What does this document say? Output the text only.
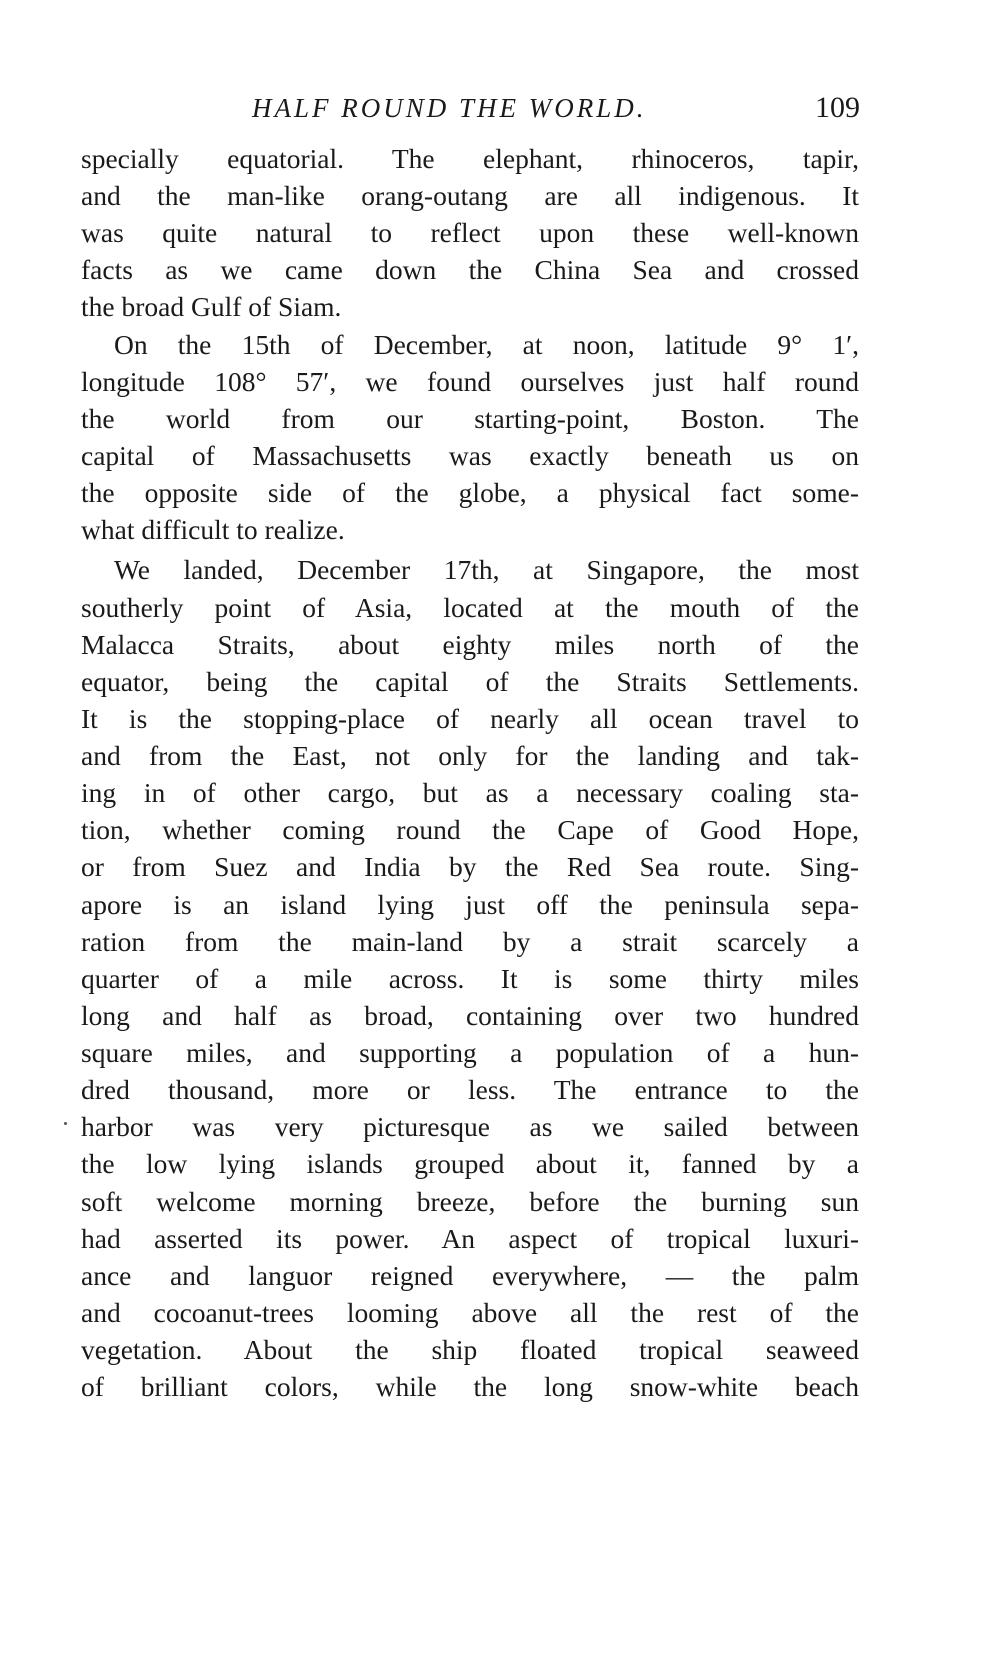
HALF ROUND THE WORLD.	109
specially equatorial. The elephant, rhinoceros, tapir,
and the man-like orang-outang are all indigenous. It
was quite natural to reflect upon these well-known
facts as we came down the China Sea and crossed
the broad Gulf of Siam.
On the 15th of December, at noon, latitude 9° 1′,
longitude 108° 57′, we found ourselves just half round
the world from our starting-point, Boston. The
capital of Massachusetts was exactly beneath us on
the opposite side of the globe, a physical fact some-
what difficult to realize.
We landed, December 17th, at Singapore, the most
southerly point of Asia, located at the mouth of the
Malacca Straits, about eighty miles north of the
equator, being the capital of the Straits Settlements.
It is the stopping-place of nearly all ocean travel to
and from the East, not only for the landing and tak-
ing in of other cargo, but as a necessary coaling sta-
tion, whether coming round the Cape of Good Hope,
or from Suez and India by the Red Sea route. Sing-
apore is an island lying just off the peninsula sepa-
ration from the main-land by a strait scarcely a
quarter of a mile across. It is some thirty miles
long and half as broad, containing over two hundred
square miles, and supporting a population of a hun-
dred thousand, more or less. The entrance to the
harbor was very picturesque as we sailed between
the low lying islands grouped about it, fanned by a
soft welcome morning breeze, before the burning sun
had asserted its power. An aspect of tropical luxuri-
ance and languor reigned everywhere, — the palm
and cocoanut-trees looming above all the rest of the
vegetation. About the ship floated tropical seaweed
of brilliant colors, while the long snow-white beach
